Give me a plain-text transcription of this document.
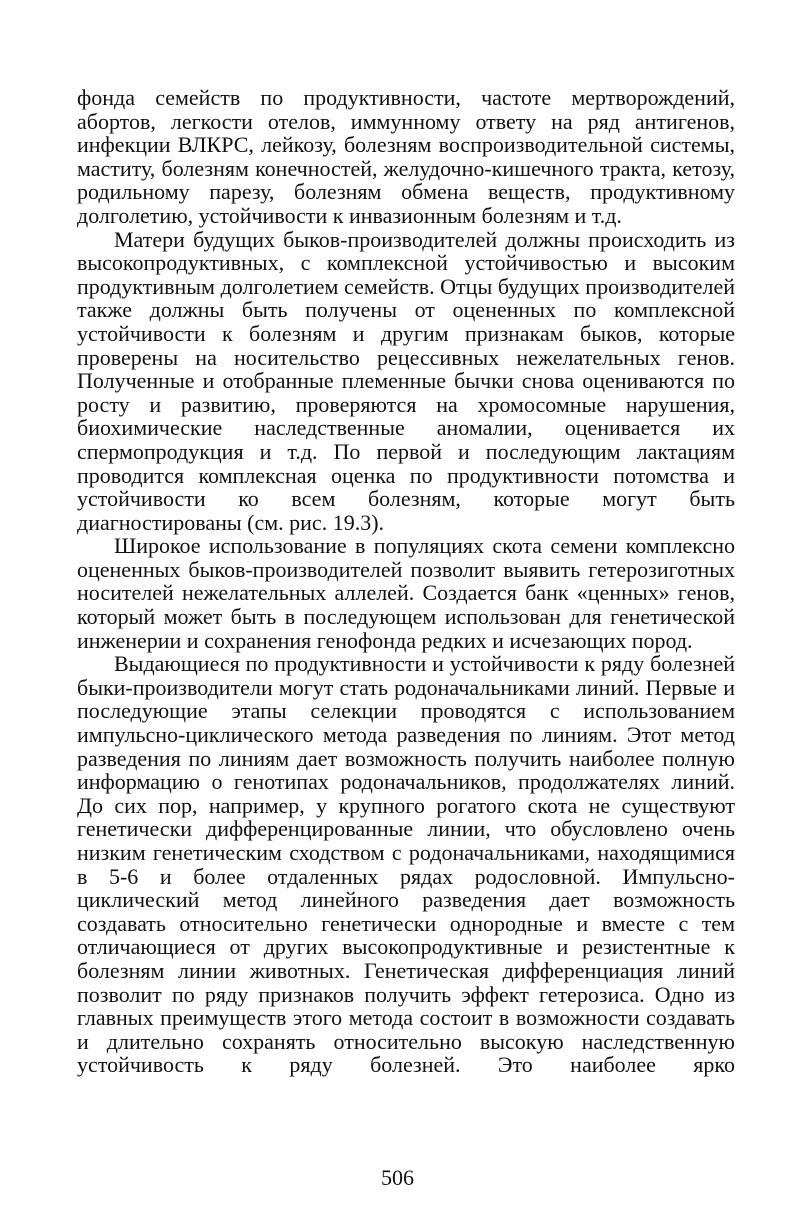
фонда семейств по продуктивности, частоте мертворождений, абортов, легкости отелов, иммунному ответу на ряд антигенов, инфекции ВЛКРС, лейкозу, болезням воспроизводительной системы, маститу, болезням конечностей, желудочно-кишечного тракта, кетозу, родильному парезу, болезням обмена веществ, продуктивному долголетию, устойчивости к инвазионным болезням и т.д.

Матери будущих быков-производителей должны происходить из высокопродуктивных, с комплексной устойчивостью и высоким продуктивным долголетием семейств. Отцы будущих производителей также должны быть получены от оцененных по комплексной устойчивости к болезням и другим признакам быков, которые проверены на носительство рецессивных нежелательных генов. Полученные и отобранные племенные бычки снова оцениваются по росту и развитию, проверяются на хромосомные нарушения, биохимические наследственные аномалии, оценивается их спермопродукция и т.д. По первой и последующим лактациям проводится комплексная оценка по продуктивности потомства и устойчивости ко всем болезням, которые могут быть диагностированы (см. рис. 19.3).

Широкое использование в популяциях скота семени комплексно оцененных быков-производителей позволит выявить гетерозиготных носителей нежелательных аллелей. Создается банк «ценных» генов, который может быть в последующем использован для генетической инженерии и сохранения генофонда редких и исчезающих пород.

Выдающиеся по продуктивности и устойчивости к ряду болезней быки-производители могут стать родоначальниками линий. Первые и последующие этапы селекции проводятся с использованием импульсно-циклического метода разведения по линиям. Этот метод разведения по линиям дает возможность получить наиболее полную информацию о генотипах родоначальников, продолжателях линий. До сих пор, например, у крупного рогатого скота не существуют генетически дифференцированные линии, что обусловлено очень низким генетическим сходством с родоначальниками, находящимися в 5-6 и более отдаленных рядах родословной. Импульсно-циклический метод линейного разведения дает возможность создавать относительно генетически однородные и вместе с тем отличающиеся от других высокопродуктивные и резистентные к болезням линии животных. Генетическая дифференциация линий позволит по ряду признаков получить эффект гетерозиса. Одно из главных преимуществ этого метода состоит в возможности создавать и длительно сохранять относительно высокую наследственную устойчивость к ряду болезней. Это наиболее ярко

506
